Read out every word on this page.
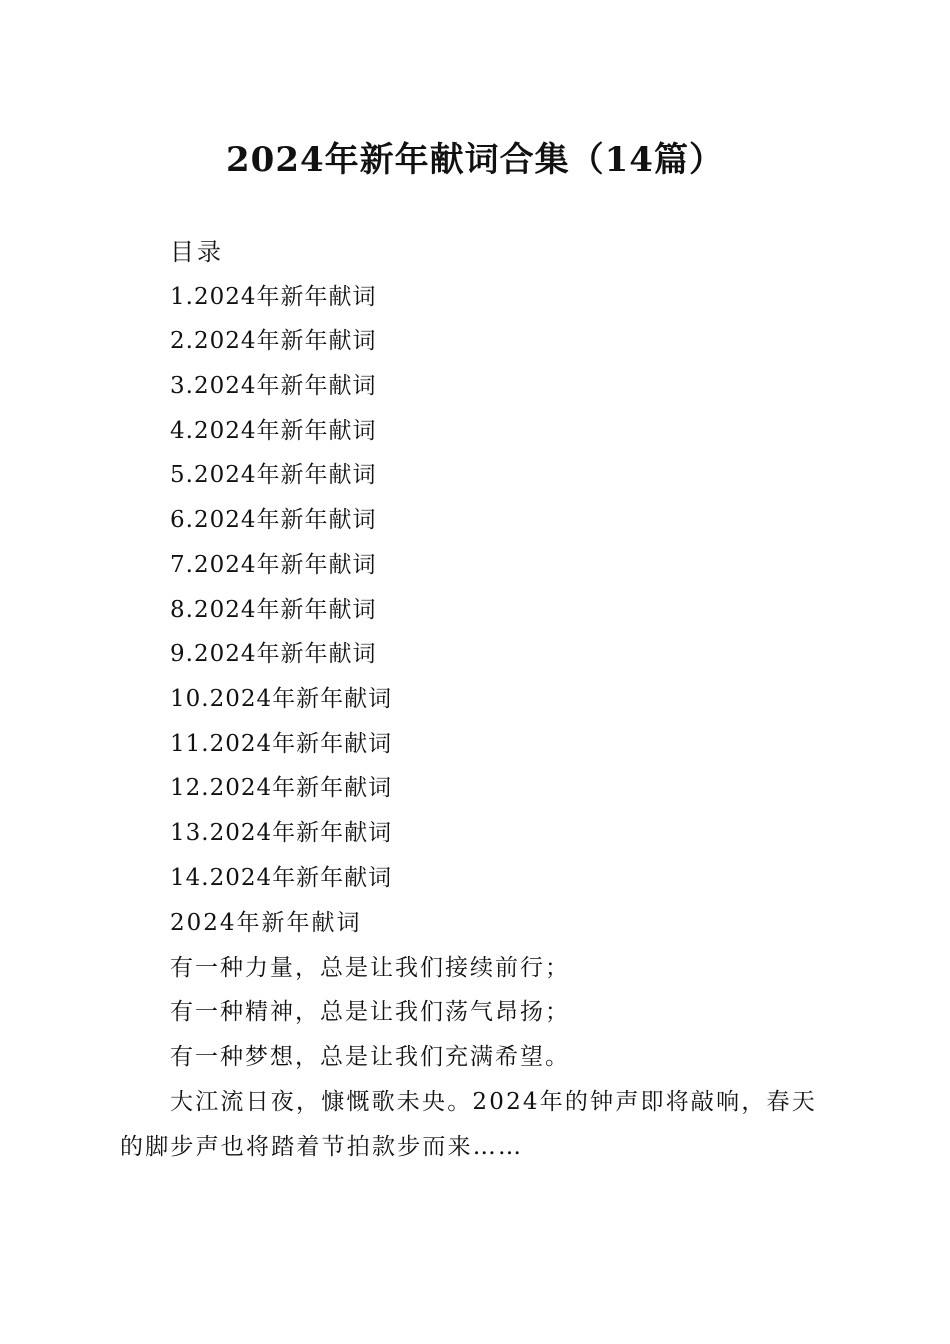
2024年新年献词合集（14篇）
目录
1.2024年新年献词
2.2024年新年献词
3.2024年新年献词
4.2024年新年献词
5.2024年新年献词
6.2024年新年献词
7.2024年新年献词
8.2024年新年献词
9.2024年新年献词
10.2024年新年献词
11.2024年新年献词
12.2024年新年献词
13.2024年新年献词
14.2024年新年献词
2024年新年献词
有一种力量，总是让我们接续前行；
有一种精神，总是让我们荡气昂扬；
有一种梦想，总是让我们充满希望。

大江流日夜，慷慨歌未央。2024年的钟声即将敲响，春天的脚步声也将踏着节拍款步而来……
